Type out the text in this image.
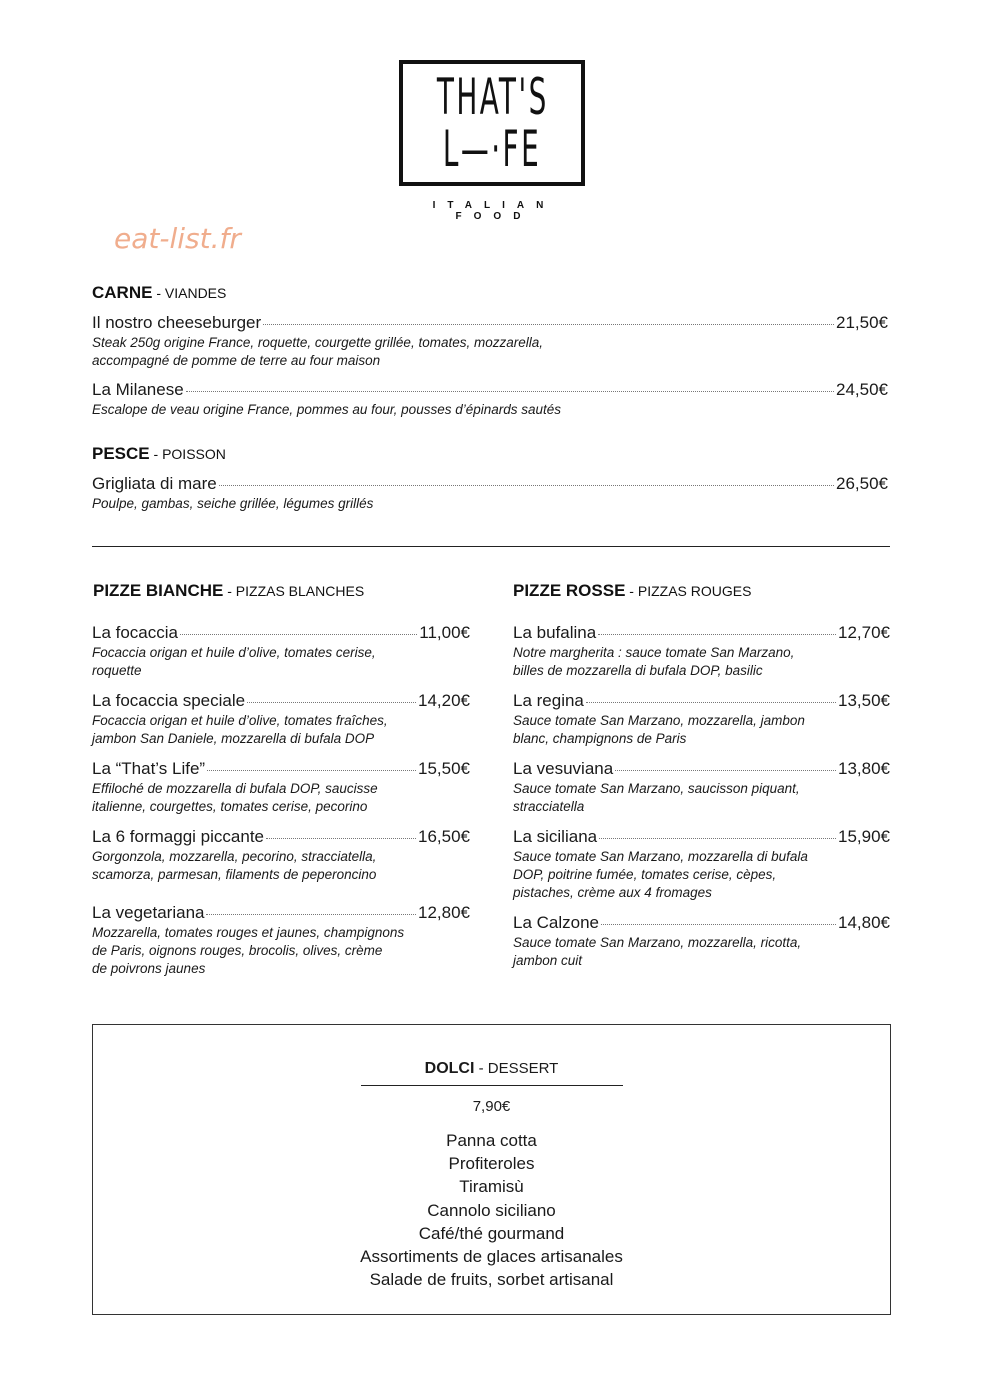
THAT'S
L—·FE
ITALIAN FOOD
eat-list.fr
CARNE - VIANDES
Il nostro cheeseburger	21,50€
Steak 250g origine France, roquette, courgette grillée, tomates, mozzarella,
accompagné de pomme de terre au four maison
La Milanese	24,50€
Escalope de veau origine France, pommes au four, pousses d’épinards sautés
PESCE - POISSON
Grigliata di mare	26,50€
Poulpe, gambas, seiche grillée, légumes grillés
PIZZE BIANCHE - PIZZAS BLANCHES
La focaccia	11,00€
Focaccia origan et huile d’olive, tomates cerise,
roquette
La focaccia speciale	14,20€
Focaccia origan et huile d’olive, tomates fraîches,
jambon San Daniele, mozzarella di bufala DOP
La “That’s Life”	15,50€
Effiloché de mozzarella di bufala DOP, saucisse
italienne, courgettes, tomates cerise, pecorino
La 6 formaggi piccante	16,50€
Gorgonzola, mozzarella, pecorino, stracciatella,
scamorza, parmesan, filaments de peperoncino
La vegetariana	12,80€
Mozzarella, tomates rouges et jaunes, champignons
de Paris, oignons rouges, brocolis, olives, crème
de poivrons jaunes
PIZZE ROSSE - PIZZAS ROUGES
La bufalina	12,70€
Notre margherita : sauce tomate San Marzano,
billes de mozzarella di bufala DOP, basilic
La regina	13,50€
Sauce tomate San Marzano, mozzarella, jambon
blanc, champignons de Paris
La vesuviana	13,80€
Sauce tomate San Marzano, saucisson piquant,
stracciatella
La siciliana	15,90€
Sauce tomate San Marzano, mozzarella di bufala
DOP, poitrine fumée, tomates cerise, cèpes,
pistaches, crème aux 4 fromages
La Calzone	14,80€
Sauce tomate San Marzano, mozzarella, ricotta,
jambon cuit
DOLCI - DESSERT
7,90€
Panna cotta
Profiteroles
Tiramisù
Cannolo siciliano
Café/thé gourmand
Assortiments de glaces artisanales
Salade de fruits, sorbet artisanal
